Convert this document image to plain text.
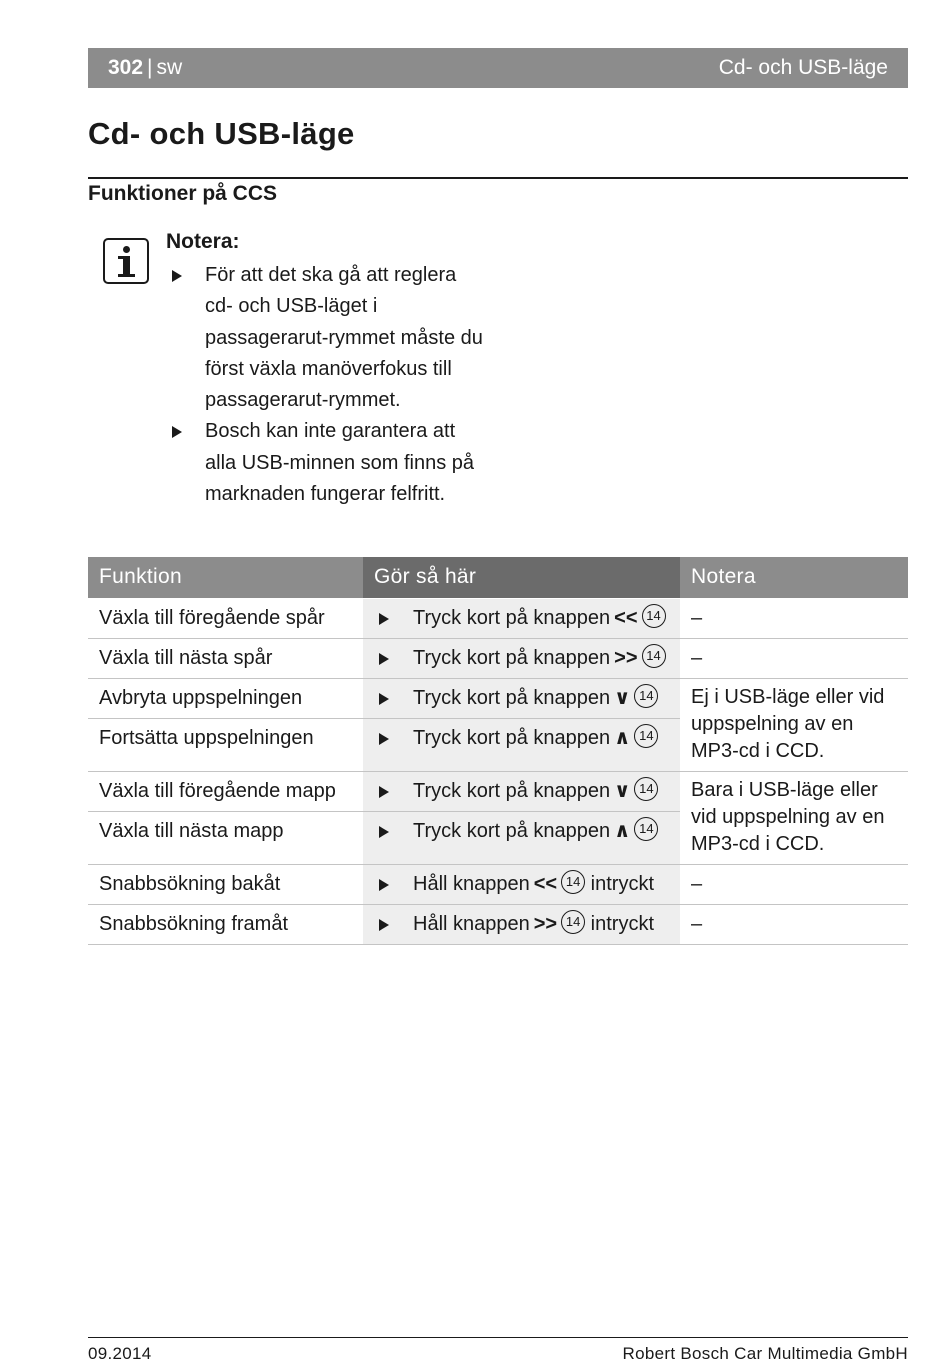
302 | sw	Cd- och USB-läge
Cd- och USB-läge
Funktioner på CCS
Notera:
För att det ska gå att reglera cd- och USB-läget i passagerarut-rymmet måste du först växla manöverfokus till passagerarut-rymmet.
Bosch kan inte garantera att alla USB-minnen som finns på marknaden fungerar felfritt.
Funktion	Gör så här	Notera
Växla till föregående spår	Tryck kort på knappen << 14	–
Växla till nästa spår	Tryck kort på knappen >> 14	–
Avbryta uppspelningen	Tryck kort på knappen ∨ 14	Ej i USB-läge eller vid uppspelning av en MP3-cd i CCD.
Fortsätta uppspelningen	Tryck kort på knappen ∧ 14	
Växla till föregående mapp	Tryck kort på knappen ∨ 14	Bara i USB-läge eller vid uppspelning av en MP3-cd i CCD.
Växla till nästa mapp	Tryck kort på knappen ∧ 14	
Snabbsökning bakåt	Håll knappen << 14 intryckt	–
Snabbsökning framåt	Håll knappen >> 14 intryckt	–
09.2014	Robert Bosch Car Multimedia GmbH
